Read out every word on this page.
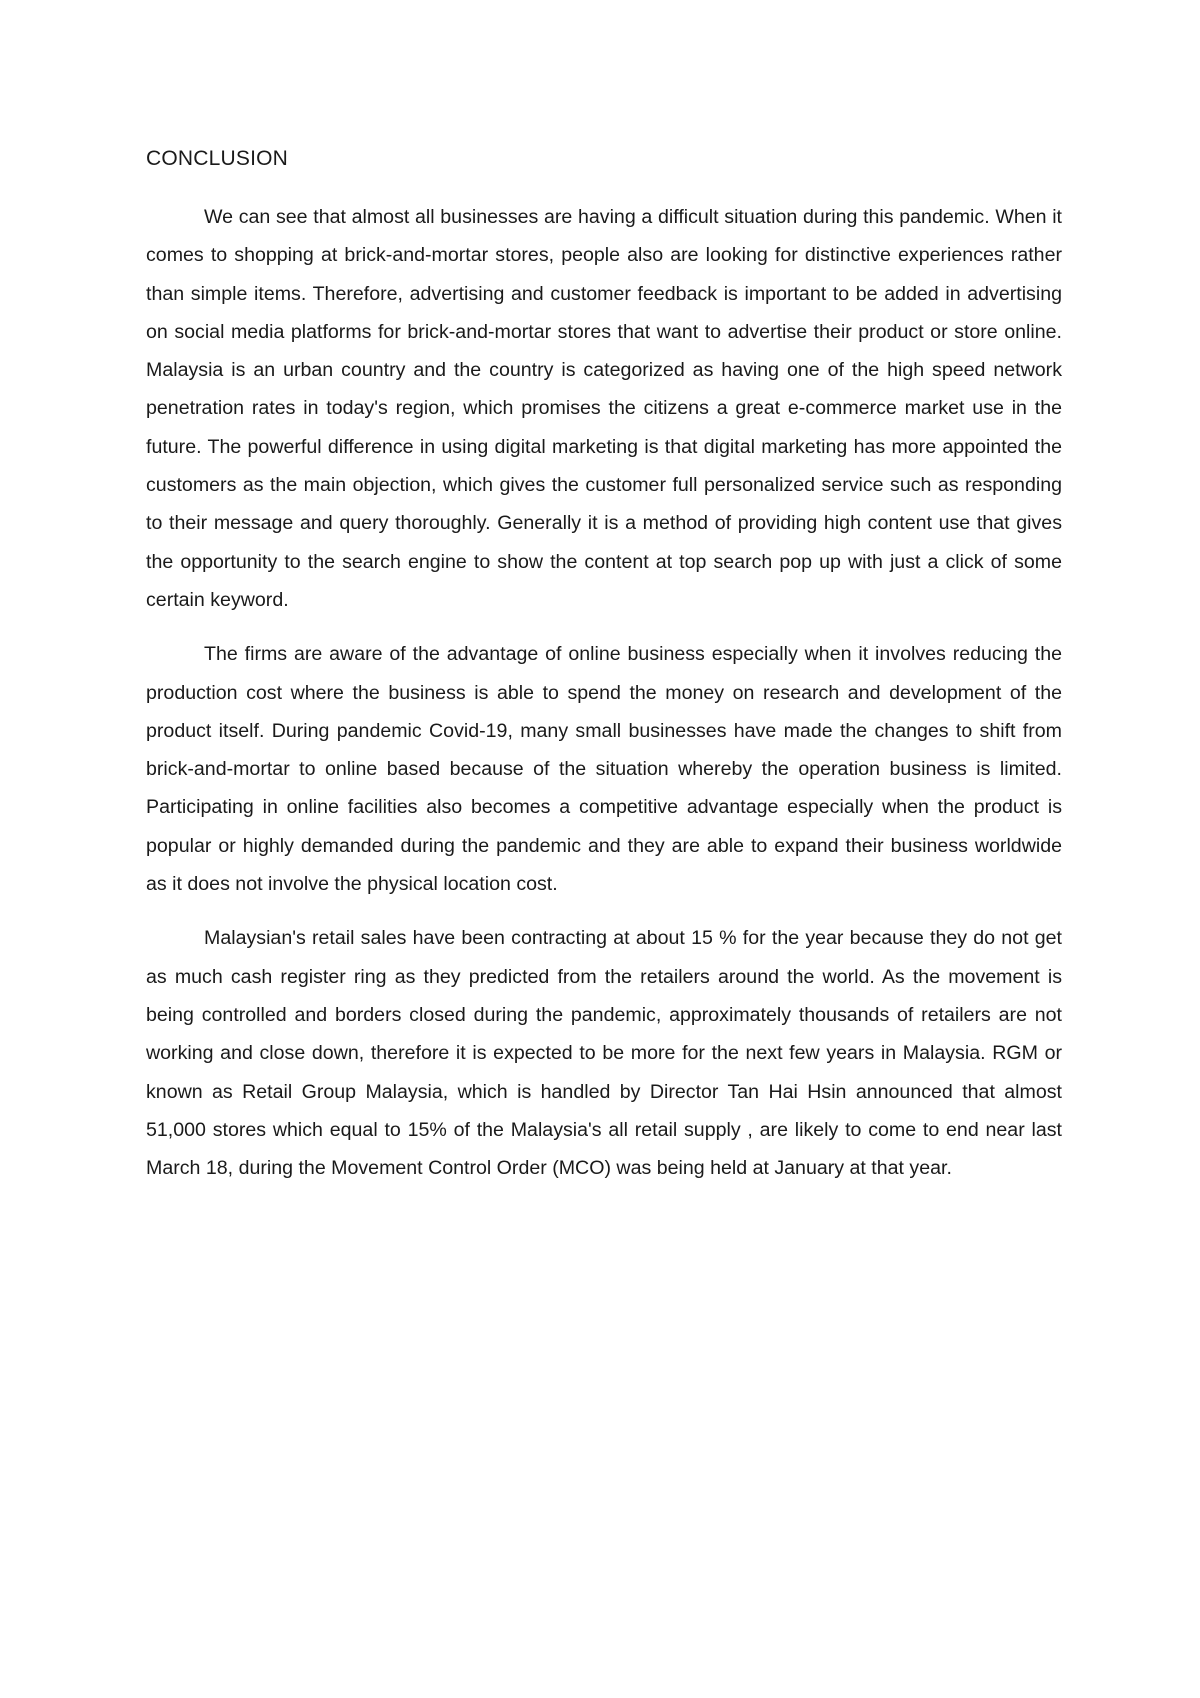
CONCLUSION

We can see that almost all businesses are having a difficult situation during this pandemic. When it comes to shopping at brick-and-mortar stores, people also are looking for distinctive experiences rather than simple items. Therefore, advertising and customer feedback is important to be added in advertising on social media platforms for brick-and-mortar stores that want to advertise their product or store online. Malaysia is an urban country and the country is categorized as having one of the high speed network penetration rates in today's region, which promises the citizens a great e-commerce market use in the future. The powerful difference in using digital marketing is that digital marketing has more appointed the customers as the main objection, which gives the customer full personalized service such as responding to their message and query thoroughly. Generally it is a method of providing high content use that gives the opportunity to the search engine to show the content at top search pop up with just a click of some certain keyword.

The firms are aware of the advantage of online business especially when it involves reducing the production cost where the business is able to spend the money on research and development of the product itself. During pandemic Covid-19, many small businesses have made the changes to shift from brick-and-mortar to online based because of the situation whereby the operation business is limited. Participating in online facilities also becomes a competitive advantage especially when the product is popular or highly demanded during the pandemic and they are able to expand their business worldwide as it does not involve the physical location cost.

Malaysian's retail sales have been contracting at about 15 % for the year because they do not get as much cash register ring as they predicted from the retailers around the world. As the movement is being controlled and borders closed during the pandemic, approximately thousands of retailers are not working and close down, therefore it is expected to be more for the next few years in Malaysia. RGM or known as Retail Group Malaysia, which is handled by Director Tan Hai Hsin announced that almost 51,000 stores which equal to 15% of the Malaysia's all retail supply , are likely to come to end near last March 18, during the Movement Control Order (MCO) was being held at January at that year.
